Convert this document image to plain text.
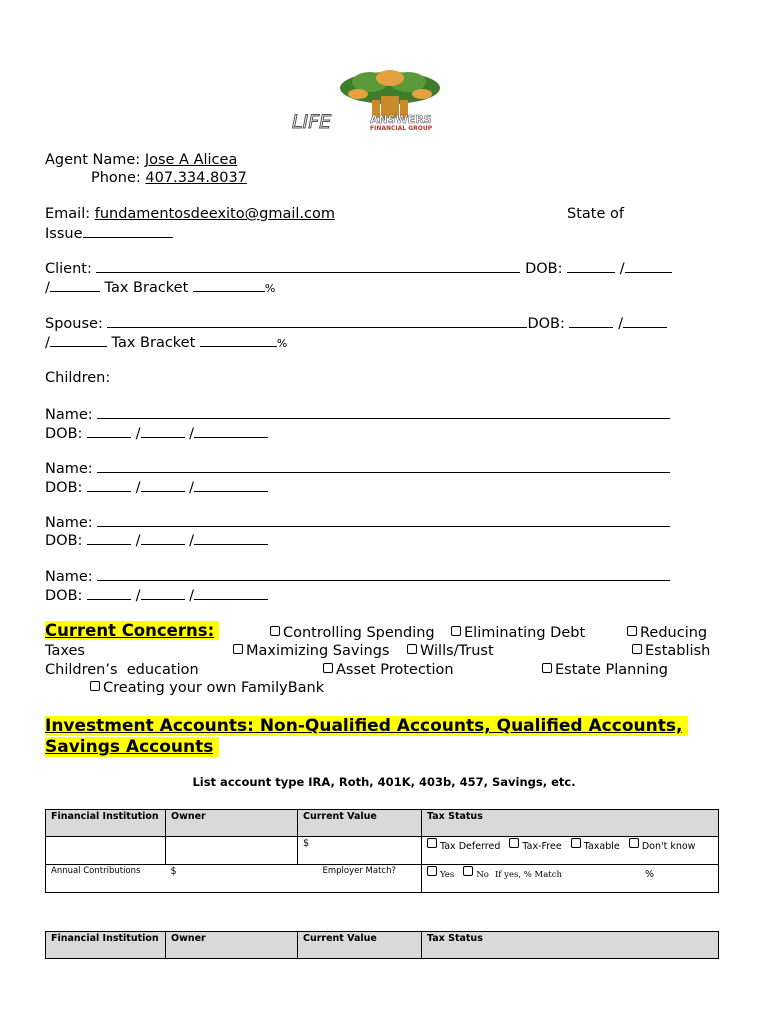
LIFE	ANSWERS
FINANCIAL GROUP
Agent Name: Jose A Alicea
Phone: 407.334.8037
Email: fundamentosdeexito@gmail.com	State of
Issue
Client:	DOB:	/
/	Tax Bracket	%
Spouse:	DOB:	/
/	Tax Bracket	%
Children:
Name:
DOB:	/	/
Name:
DOB:	/	/
Name:
DOB:	/	/
Name:
DOB:	/	/
Current Concerns:	Controlling Spending	Eliminating Debt	Reducing
Taxes	Maximizing Savings	Wills/Trust	Establish
Children’s  education	Asset Protection	Estate Planning
Creating your own FamilyBank
Investment Accounts: Non-Qualified Accounts, Qualified Accounts,
Savings Accounts
List account type IRA, Roth, 401K, 403b, 457, Savings, etc.
Financial Institution	Owner	Current Value	Tax Status
		$	Tax Deferred Tax-Free Taxable Don't know
Annual Contributions	$	Employer Match?	Yes No If yes, % Match %
Financial Institution	Owner	Current Value	Tax Status
